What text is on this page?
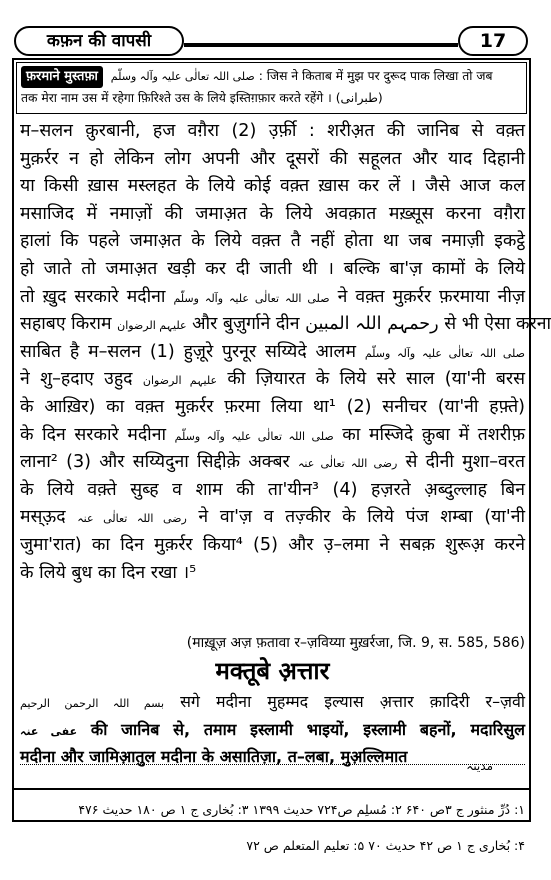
कफ़न की वापसी	17
फ़रमाने मुस्तफ़ा صلی اللہ تعالٰی علیہ وآلہ وسلّم : जिस ने किताब में मुझ पर दुरूद पाक लिखा तो जब
तक मेरा नाम उस में रहेगा फ़िरिश्ते उस के लिये इस्तिग़फ़ार करते रहेंगे । (طبرانی)
म–सलन क़ुरबानी, हज वग़ैरा (2) उ़र्फ़ी : शरीअ़त की जानिब से वक़्त
मुक़र्रर न हो लेकिन लोग अपनी और दूसरों की सहूलत और याद दिहानी
या किसी ख़ास मस्लहत के लिये कोई वक़्त ख़ास कर लें । जैसे आज कल
मसाजिद में नमाज़ों की जमाअ़त के लिये अवक़ात मख़्सूस करना वग़ैरा
हालां कि पहले जमाअ़त के लिये वक़्त तै नहीं होता था जब नमाज़ी इकट्ठे
हो जाते तो जमाअ़त खड़ी कर दी जाती थी । बल्कि बा'ज़ कामों के लिये
तो ख़ुद सरकारे मदीना صلی اللہ تعالٰی علیہ وآلہ وسلّم ने वक़्त मुक़र्रर फ़रमाया नीज़
सहाबए किराम علیہم الرضوان और बुज़ुर्गाने दीन رحمہم اللہ المبین से भी ऐसा करना
साबित है म–सलन (1) हुज़ूरे पुरनूर सय्यिदे आलम صلی اللہ تعالٰی علیہ وآلہ وسلّم
ने शु–हदाए उहुद علیہم الرضوان की ज़ियारत के लिये सरे साल (या'नी बरस
के आख़िर) का वक़्त मुक़र्रर फ़रमा लिया था¹ (2) सनीचर (या'नी हफ़्ते)
के दिन सरकारे मदीना صلی اللہ تعالٰی علیہ وآلہ وسلّم का मस्जिदे क़ुबा में तशरीफ़
लाना² (3) और सय्यिदुना सिद्दीक़े अक्बर رضی اللہ تعالٰی عنہ से दीनी मुशा–वरत
के लिये वक़्ते सुब्ह व शाम की ता'यीन³ (4) हज़रते अ़ब्दुल्लाह बिन
मस्ऊ़द رضی اللہ تعالٰی عنہ ने वा'ज़ व तज़्कीर के लिये पंज शम्बा (या'नी
जुमा'रात) का दिन मुक़र्रर किया⁴ (5) और उ़–लमा ने सबक़ शुरूअ़ करने
के लिये बुध का दिन रखा ।⁵
(माख़ूज़ अज़ फ़तावा र–ज़विय्या मुख़र्रजा, जि. 9, स. 585, 586)
मक्तूबे अ़त्तार
بسم اللہ الرحمن الرحیم सगे मदीना मुहम्मद इल्यास अ़त्तार क़ादिरी र–ज़वी
عفی عنہ की जानिब से, तमाम इस्लामी भाइयों, इस्लामी बहनों, मदारिसुल
मदीना और जामिअ़ातुल मदीना के असातिज़ा, त–लबा, मुअ़ल्लिमात	مدینہ
۱: دُرِّ منثور ج ۳ص ۶۴۰ ۲: مُسلِم ص۷۲۴ حدیث ۱۳۹۹ ۳: بُخاری ج ۱ ص ۱۸۰ حدیث ۴۷۶
۴: بُخاری ج ۱ ص ۴۲ حدیث ۷۰ ۵: تعلیم المتعلم ص ۷۲
